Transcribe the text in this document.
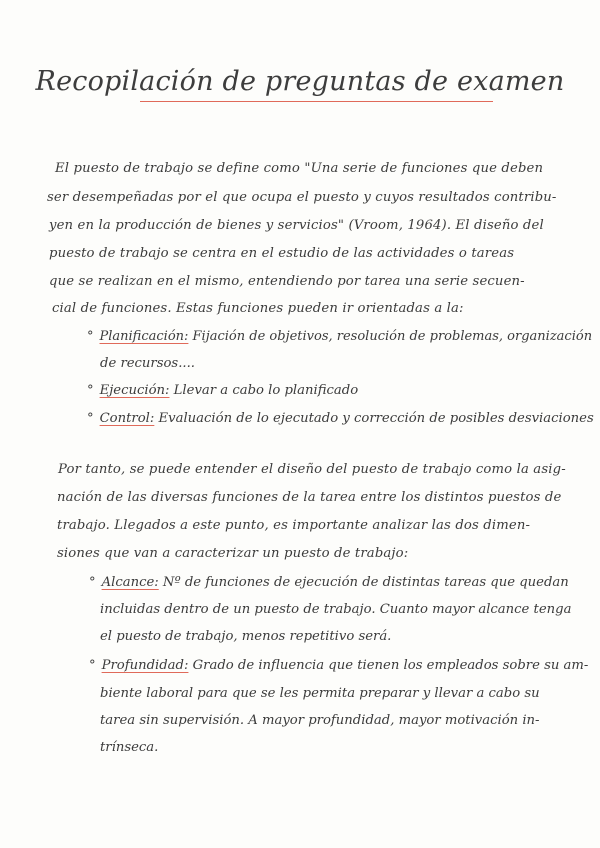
Recopilación de preguntas de examen
El puesto de trabajo se define como "Una serie de funciones que deben
ser desempeñadas por el que ocupa el puesto y cuyos resultados contribu-
yen en la producción de bienes y servicios" (Vroom, 1964). El diseño del
puesto de trabajo se centra en el estudio de las actividades o tareas
que se realizan en el mismo, entendiendo por tarea una serie secuen-
cial de funciones. Estas funciones pueden ir orientadas a la:
° Planificación: Fijación de objetivos, resolución de problemas, organización
de recursos....
° Ejecución: Llevar a cabo lo planificado
° Control: Evaluación de lo ejecutado y corrección de posibles desviaciones
Por tanto, se puede entender el diseño del puesto de trabajo como la asig-
nación de las diversas funciones de la tarea entre los distintos puestos de
trabajo. Llegados a este punto, es importante analizar las dos dimen-
siones que van a caracterizar un puesto de trabajo:
° Alcance: Nº de funciones de ejecución de distintas tareas que quedan
incluidas dentro de un puesto de trabajo. Cuanto mayor alcance tenga
el puesto de trabajo, menos repetitivo será.
° Profundidad: Grado de influencia que tienen los empleados sobre su am-
biente laboral para que se les permita preparar y llevar a cabo su
tarea sin supervisión. A mayor profundidad, mayor motivación in-
trínseca.
